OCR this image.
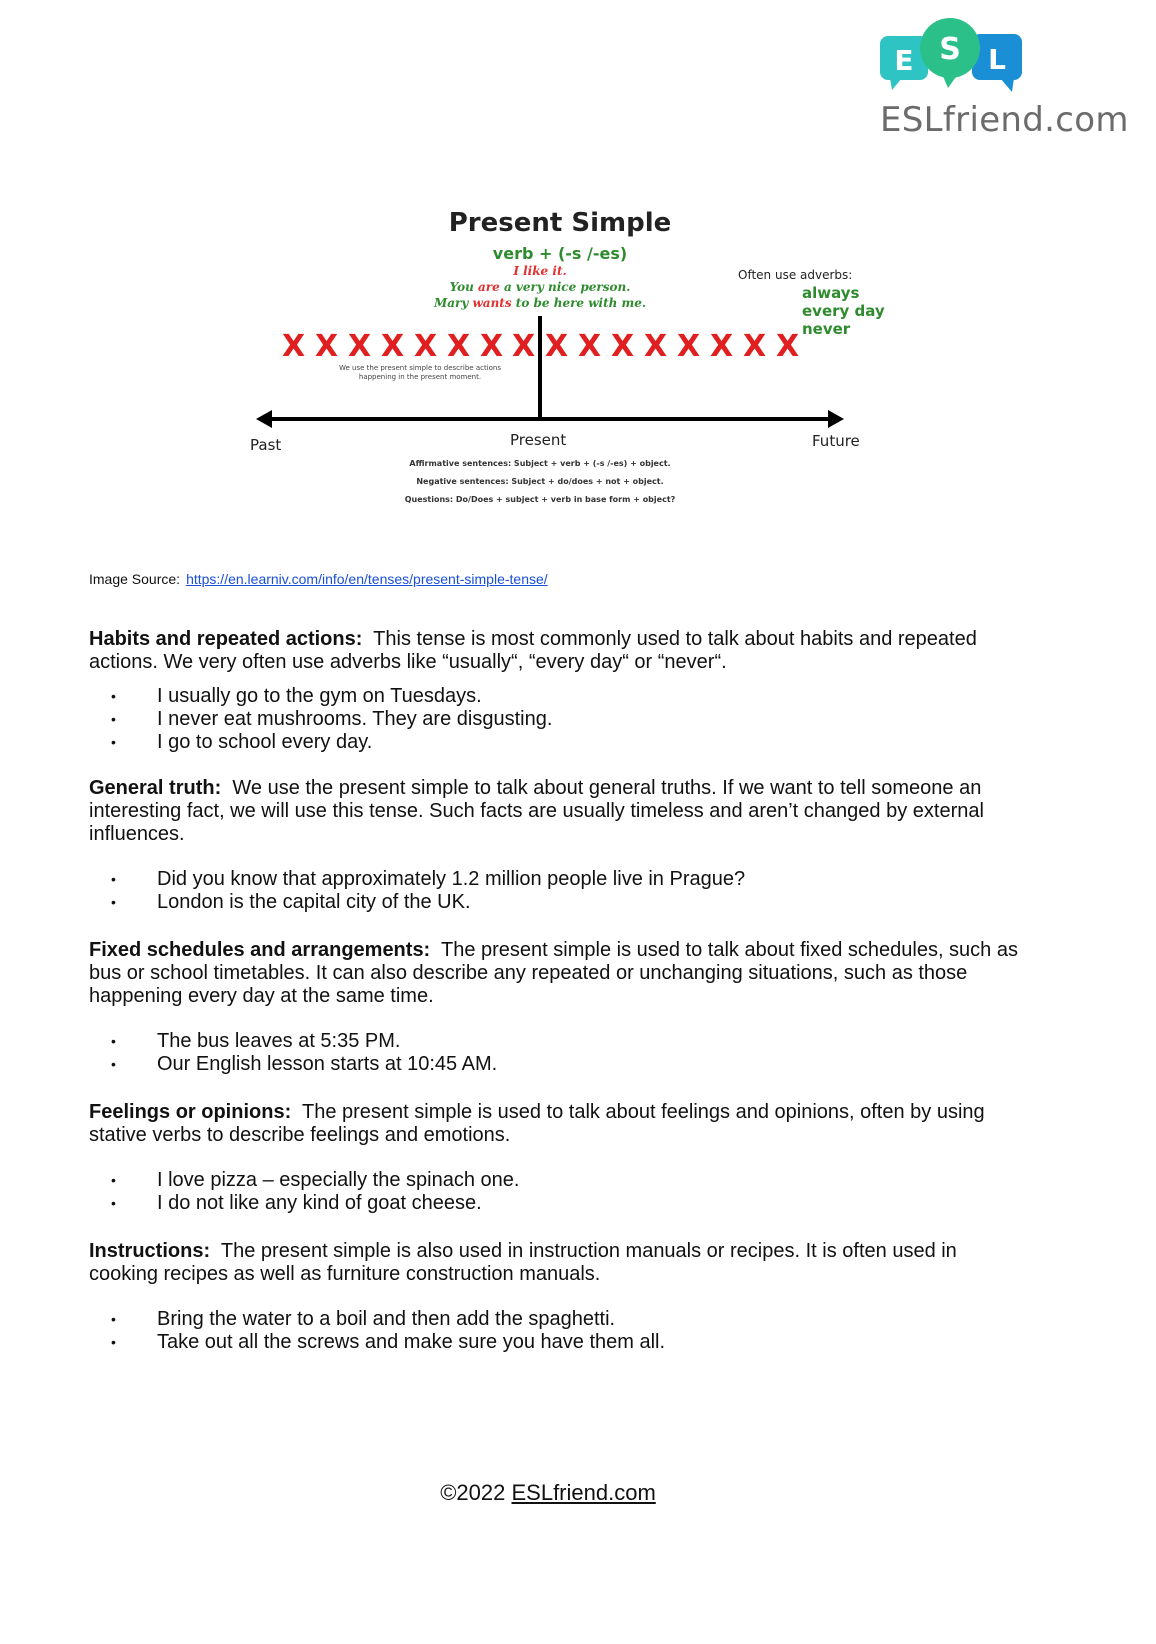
E S L
ESLfriend.com
Present Simple
verb + (-s /-es)
I like it.
You are a very nice person.
Mary wants to be here with me.
Often use adverbs:
always
every day
never
X X X X X X X X X X X X X X X X
We use the present simple to describe actions
happening in the present moment.
Past	Present	Future
Affirmative sentences: Subject + verb + (-s /-es) + object.
Negative sentences: Subject + do/does + not + object.
Questions: Do/Does + subject + verb in base form + object?
Image Source: https://en.learniv.com/info/en/tenses/present-simple-tense/

Habits and repeated actions: This tense is most commonly used to talk about habits and repeated actions. We very often use adverbs like “usually“, “every day“ or “never“.

• I usually go to the gym on Tuesdays.
• I never eat mushrooms. They are disgusting.
• I go to school every day.

General truth: We use the present simple to talk about general truths. If we want to tell someone an interesting fact, we will use this tense. Such facts are usually timeless and aren’t changed by external influences.

• Did you know that approximately 1.2 million people live in Prague?
• London is the capital city of the UK.

Fixed schedules and arrangements: The present simple is used to talk about fixed schedules, such as bus or school timetables. It can also describe any repeated or unchanging situations, such as those happening every day at the same time.

• The bus leaves at 5:35 PM.
• Our English lesson starts at 10:45 AM.

Feelings or opinions: The present simple is used to talk about feelings and opinions, often by using stative verbs to describe feelings and emotions.

• I love pizza – especially the spinach one.
• I do not like any kind of goat cheese.

Instructions: The present simple is also used in instruction manuals or recipes. It is often used in cooking recipes as well as furniture construction manuals.

• Bring the water to a boil and then add the spaghetti.
• Take out all the screws and make sure you have them all.
©2022 ESLfriend.com
